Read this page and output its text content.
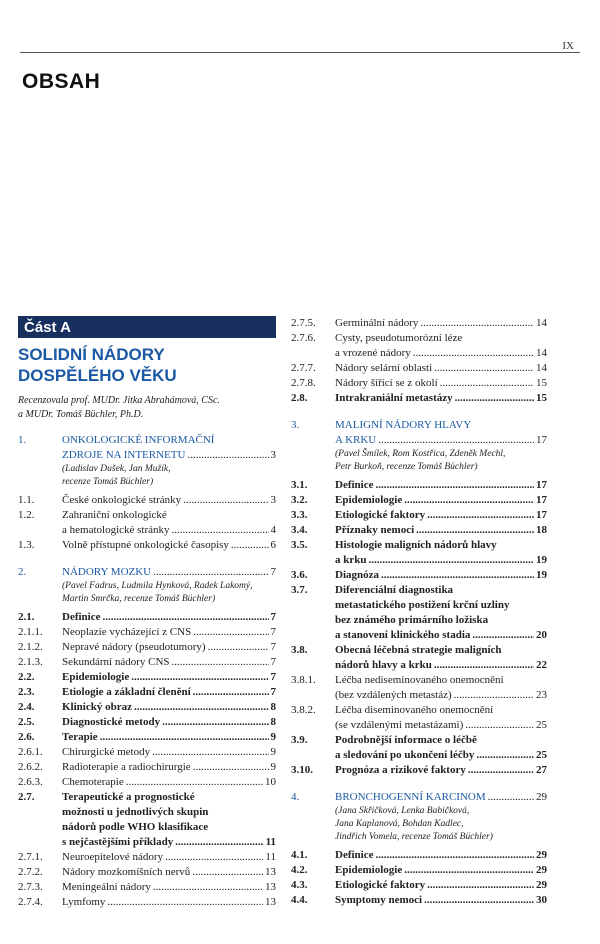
IX
OBSAH
Část A
SOLIDNÍ NÁDORY
DOSPĚLÉHO VĚKU
Recenzovala prof. MUDr. Jitka Abrahámová, CSc.
a MUDr. Tomáš Büchler, Ph.D.
1.	ONKOLOGICKÉ INFORMAČNÍ
ZDROJE NA INTERNETU .....	3
(Ladislav Dušek, Jan Mužík,
recenze Tomáš Büchler)
1.1.	České onkologické stránky .....	3
1.2.	Zahraniční onkologické
a hematologické stránky .....	4
1.3.	Volně přístupné onkologické časopisy .....	6
2.	NÁDORY MOZKU .....	7
(Pavel Fadrus, Ludmila Hynková, Radek Lakomý,
Martin Smrčka, recenze Tomáš Büchler)
2.1.	Definice .....	7
2.1.1.	Neoplazie vycházející z CNS .....	7
2.1.2.	Nepravé nádory (pseudotumory) .....	7
2.1.3.	Sekundární nádory CNS .....	7
2.2.	Epidemiologie .....	7
2.3.	Etiologie a základní členění .....	7
2.4.	Klinický obraz .....	8
2.5.	Diagnostické metody .....	8
2.6.	Terapie .....	9
2.6.1.	Chirurgické metody .....	9
2.6.2.	Radioterapie a radiochirurgie .....	9
2.6.3.	Chemoterapie .....	10
2.7.	Terapeutické a prognostické
možnosti u jednotlivých skupin
nádorů podle WHO klasifikace
s nejčastějšími příklady .....	11
2.7.1.	Neuroepitelové nádory .....	11
2.7.2.	Nádory mozkomíšních nervů .....	13
2.7.3.	Meningeální nádory .....	13
2.7.4.	Lymfomy .....	13
2.7.5.	Germinální nádory .....	14
2.7.6.	Cysty, pseudotumorózní léze
a vrozené nádory .....	14
2.7.7.	Nádory selární oblasti .....	14
2.7.8.	Nádory šířící se z okolí .....	15
2.8.	Intrakraniální metastázy .....	15
3.	MALIGNÍ NÁDORY HLAVY
A KRKU .....	17
(Pavel Šmílek, Rom Kostřica, Zdeněk Mechl,
Petr Burkoň, recenze Tomáš Büchler)
3.1.	Definice .....	17
3.2.	Epidemiologie .....	17
3.3.	Etiologické faktory .....	17
3.4.	Příznaky nemoci .....	18
3.5.	Histologie maligních nádorů hlavy
a krku .....	19
3.6.	Diagnóza .....	19
3.7.	Diferenciální diagnostika
metastatického postižení krční uzliny
bez známého primárního ložiska
a stanovení klinického stadia .....	20
3.8.	Obecná léčebná strategie maligních
nádorů hlavy a krku .....	22
3.8.1.	Léčba nediseminovaného onemocnění
(bez vzdálených metastáz) .....	23
3.8.2.	Léčba diseminovaného onemocnění
(se vzdálenými metastázami) .....	25
3.9.	Podrobnější informace o léčbě
a sledování po ukončení léčby .....	25
3.10.	Prognóza a rizikové faktory .....	27
4.	BRONCHOGENNÍ KARCINOM .....	29
(Jana Skřičková, Lenka Babičková,
Jana Kaplanová, Bohdan Kadlec,
Jindřich Vomela, recenze Tomáš Büchler)
4.1.	Definice .....	29
4.2.	Epidemiologie .....	29
4.3.	Etiologické faktory .....	29
4.4.	Symptomy nemoci .....	30
